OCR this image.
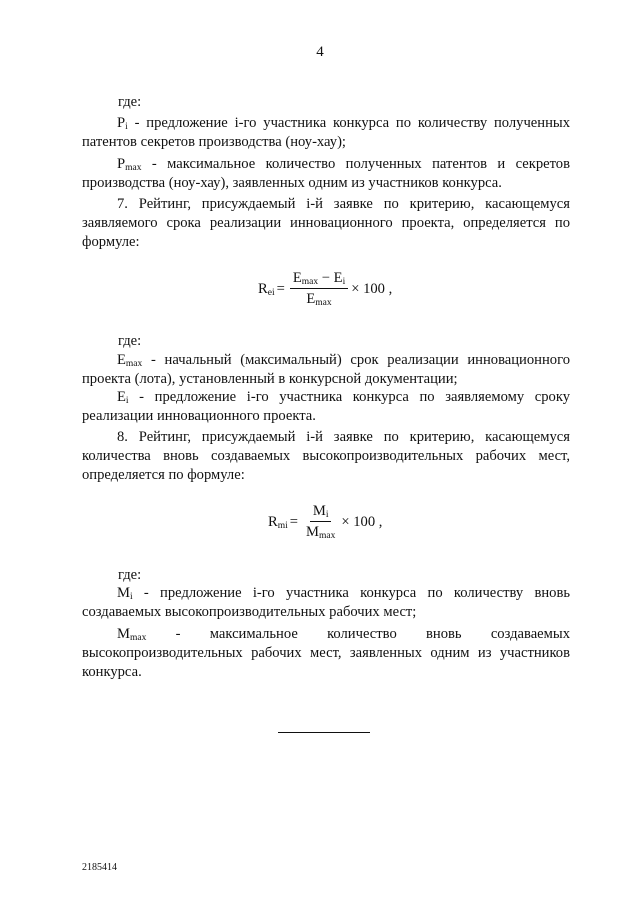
4
где:
$P_i$ - предложение i-го участника конкурса по количеству полученных патентов секретов производства (ноу-хау);
$P_{max}$ - максимальное количество полученных патентов и секретов производства (ноу-хау), заявленных одним из участников конкурса.
7. Рейтинг, присуждаемый i-й заявке по критерию, касающемуся заявляемого срока реализации инновационного проекта, определяется по формуле:
$R_{ei} = \frac{E_{max} - E_i}{E_{max}} \times 100$ ,
где:
$E_{max}$ - начальный (максимальный) срок реализации инновационного проекта (лота), установленный в конкурсной документации;
$E_i$ - предложение i-го участника конкурса по заявляемому сроку реализации инновационного проекта.
8. Рейтинг, присуждаемый i-й заявке по критерию, касающемуся количества вновь создаваемых высокопроизводительных рабочих мест, определяется по формуле:
$R_{mi} = \frac{M_i}{M_{max}} \times 100$ ,
где:
$M_i$ - предложение i-го участника конкурса по количеству вновь создаваемых высокопроизводительных рабочих мест;
$M_{max}$ - максимальное количество вновь создаваемых высокопроизводительных рабочих мест, заявленных одним из участников конкурса.
2185414
